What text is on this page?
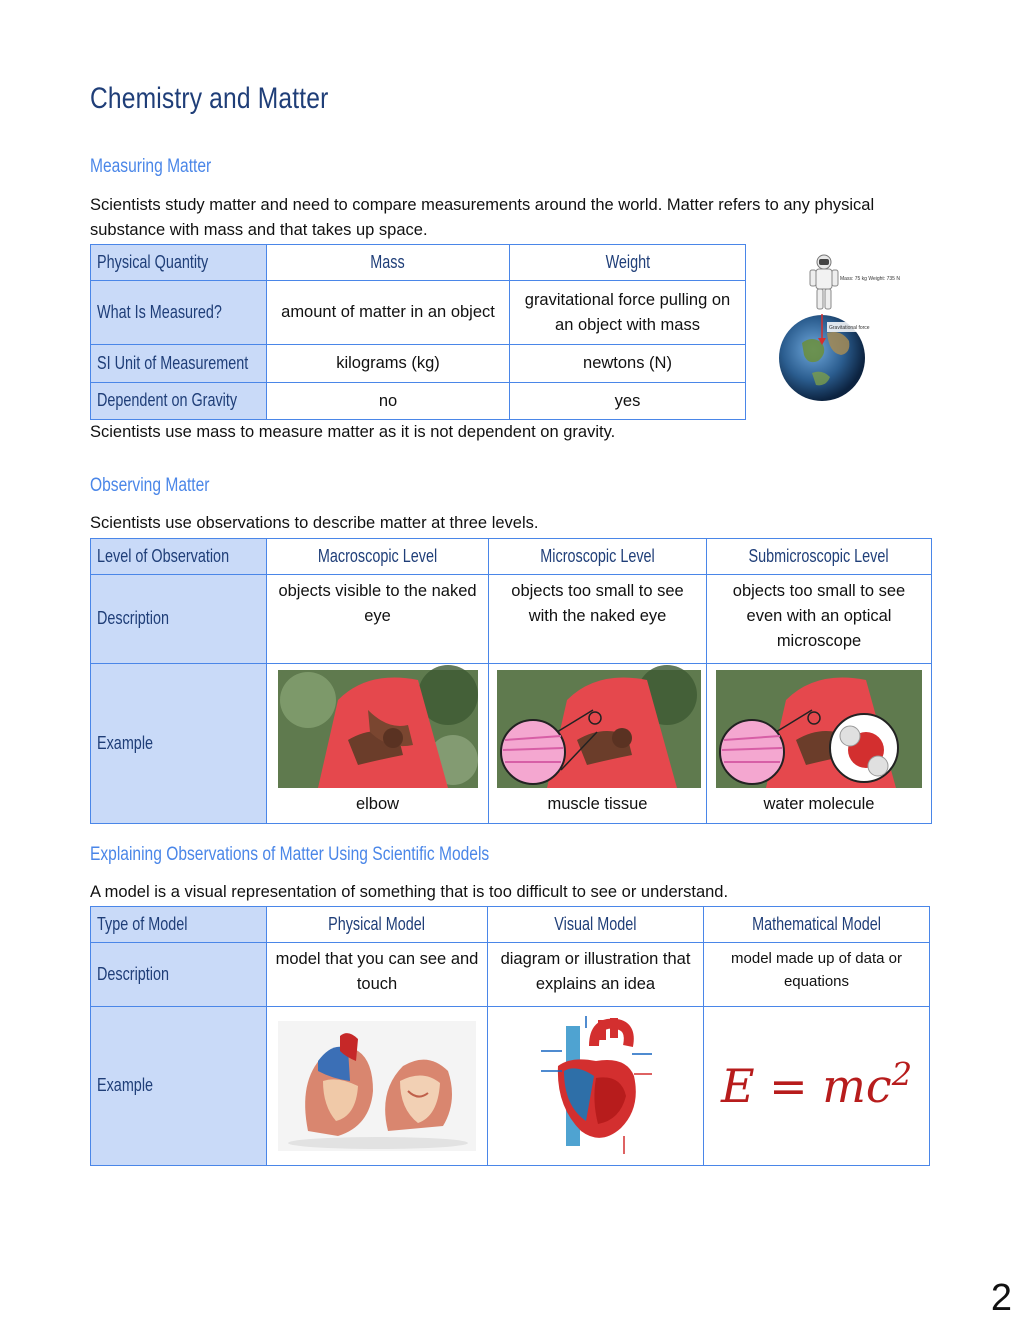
Chemistry and Matter
Measuring Matter

Scientists study matter and need to compare measurements around the world. Matter refers to any physical substance with mass and that takes up space.

Physical Quantity	Mass	Weight
What Is Measured?	amount of matter in an object	gravitational force pulling on an object with mass
SI Unit of Measurement	kilograms (kg)	newtons (N)
Dependent on Gravity	no	yes
Mass: 75 kg Weight: 735 N
Gravitational force

Scientists use mass to measure matter as it is not dependent on gravity.

Observing Matter

Scientists use observations to describe matter at three levels.

Level of Observation	Macroscopic Level	Microscopic Level	Submicroscopic Level
Description	objects visible to the naked eye	objects too small to see with the naked eye	objects too small to see even with an optical microscope
Example	elbow	muscle tissue	water molecule
Explaining Observations of Matter Using Scientific Models

A model is a visual representation of something that is too difficult to see or understand.

Type of Model	Physical Model	Visual Model	Mathematical Model
Description	model that you can see and touch	diagram or illustration that explains an idea	model made up of data or equations
Example			$E = mc^2$
2
